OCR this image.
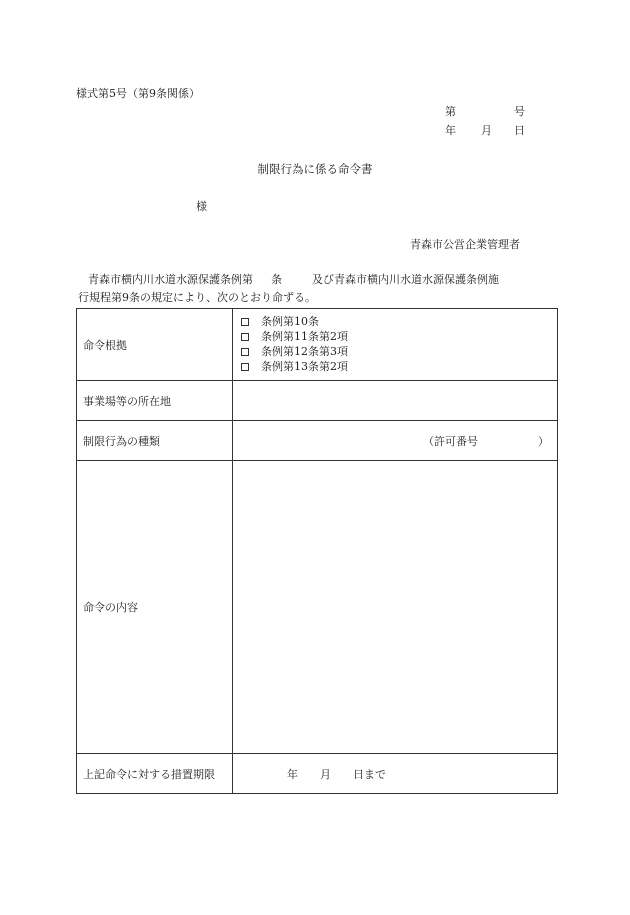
様式第5号（第9条関係）
第	号
年 月 日
制限行為に係る命令書
様
青森市公営企業管理者
青森市横内川水道水源保護条例第 条	及び青森市横内川水道水源保護条例施
行規程第9条の規定により、次のとおり命ずる。
命令根拠	条例第10条
条例第11条第2項
条例第12条第3項
条例第13条第2項

事業場等の所在地	
制限行為の種類	（許可番号 ）

命令の内容	
上記命令に対する措置期限	年 月 日まで
